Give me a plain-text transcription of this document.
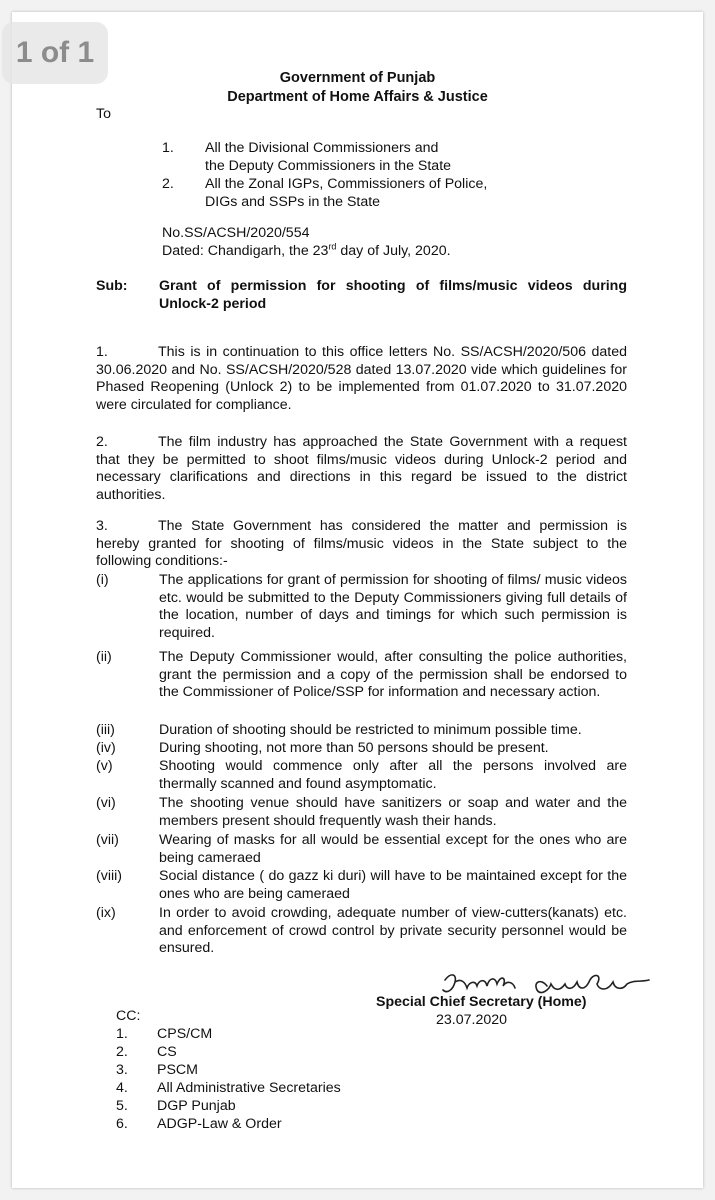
Government of Punjab
Department of Home Affairs & Justice
To
1. All the Divisional Commissioners and
the Deputy Commissioners in the State
2. All the Zonal IGPs, Commissioners of Police,
DIGs and SSPs in the State
No.SS/ACSH/2020/554
Dated: Chandigarh, the 23rd day of July, 2020.
Sub: Grant of permission for shooting of films/music videos during Unlock-2 period
1.	This is in continuation to this office letters No. SS/ACSH/2020/506 dated 30.06.2020 and No. SS/ACSH/2020/528 dated 13.07.2020 vide which guidelines for Phased Reopening (Unlock 2) to be implemented from 01.07.2020 to 31.07.2020 were circulated for compliance.
2.	The film industry has approached the State Government with a request that they be permitted to shoot films/music videos during Unlock-2 period and necessary clarifications and directions in this regard be issued to the district authorities.
3.	The State Government has considered the matter and permission is hereby granted for shooting of films/music videos in the State subject to the following conditions:-
(i)	The applications for grant of permission for shooting of films/ music videos etc. would be submitted to the Deputy Commissioners giving full details of the location, number of days and timings for which such permission is required.
(ii)	The Deputy Commissioner would, after consulting the police authorities, grant the permission and a copy of the permission shall be endorsed to the Commissioner of Police/SSP for information and necessary action.
(iii)	Duration of shooting should be restricted to minimum possible time.
(iv)	During shooting, not more than 50 persons should be present.
(v)	Shooting would commence only after all the persons involved are thermally scanned and found asymptomatic.
(vi)	The shooting venue should have sanitizers or soap and water and the members present should frequently wash their hands.
(vii)	Wearing of masks for all would be essential except for the ones who are being cameraed
(viii)	Social distance ( do gazz ki duri) will have to be maintained except for the ones who are being cameraed
(ix)	In order to avoid crowding, adequate number of view-cutters(kanats) etc. and enforcement of crowd control by private security personnel would be ensured.
Special Chief Secretary (Home)
23.07.2020
CC:
1. CPS/CM
2. CS
3. PSCM
4. All Administrative Secretaries
5. DGP Punjab
6. ADGP-Law & Order
1 of 1
